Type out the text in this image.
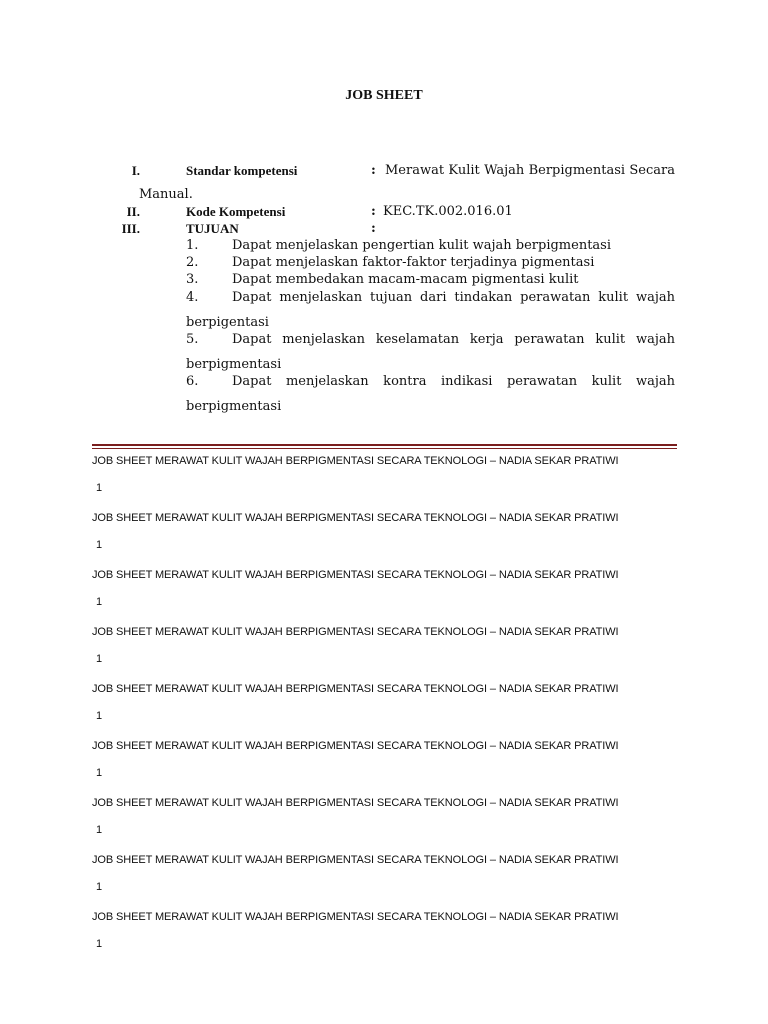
JOB SHEET
I.	Standar kompetensi	: Merawat Kulit Wajah Berpigmentasi Secara
Manual.
II.	Kode Kompetensi	: KEC.TK.002.016.01
III.	TUJUAN	:
1.	Dapat menjelaskan pengertian kulit wajah berpigmentasi
2.	Dapat menjelaskan faktor-faktor terjadinya pigmentasi
3.	Dapat membedakan macam-macam pigmentasi kulit
4.	Dapat menjelaskan tujuan dari tindakan perawatan kulit wajah
berpigentasi
5.	Dapat menjelaskan keselamatan kerja perawatan kulit wajah
berpigmentasi
6.	Dapat menjelaskan kontra indikasi perawatan kulit wajah
berpigmentasi
JOB SHEET MERAWAT KULIT WAJAH BERPIGMENTASI SECARA TEKNOLOGI – NADIA SEKAR PRATIWI
1
JOB SHEET MERAWAT KULIT WAJAH BERPIGMENTASI SECARA TEKNOLOGI – NADIA SEKAR PRATIWI
1
JOB SHEET MERAWAT KULIT WAJAH BERPIGMENTASI SECARA TEKNOLOGI – NADIA SEKAR PRATIWI
1
JOB SHEET MERAWAT KULIT WAJAH BERPIGMENTASI SECARA TEKNOLOGI – NADIA SEKAR PRATIWI
1
JOB SHEET MERAWAT KULIT WAJAH BERPIGMENTASI SECARA TEKNOLOGI – NADIA SEKAR PRATIWI
1
JOB SHEET MERAWAT KULIT WAJAH BERPIGMENTASI SECARA TEKNOLOGI – NADIA SEKAR PRATIWI
1
JOB SHEET MERAWAT KULIT WAJAH BERPIGMENTASI SECARA TEKNOLOGI – NADIA SEKAR PRATIWI
1
JOB SHEET MERAWAT KULIT WAJAH BERPIGMENTASI SECARA TEKNOLOGI – NADIA SEKAR PRATIWI
1
JOB SHEET MERAWAT KULIT WAJAH BERPIGMENTASI SECARA TEKNOLOGI – NADIA SEKAR PRATIWI
1
